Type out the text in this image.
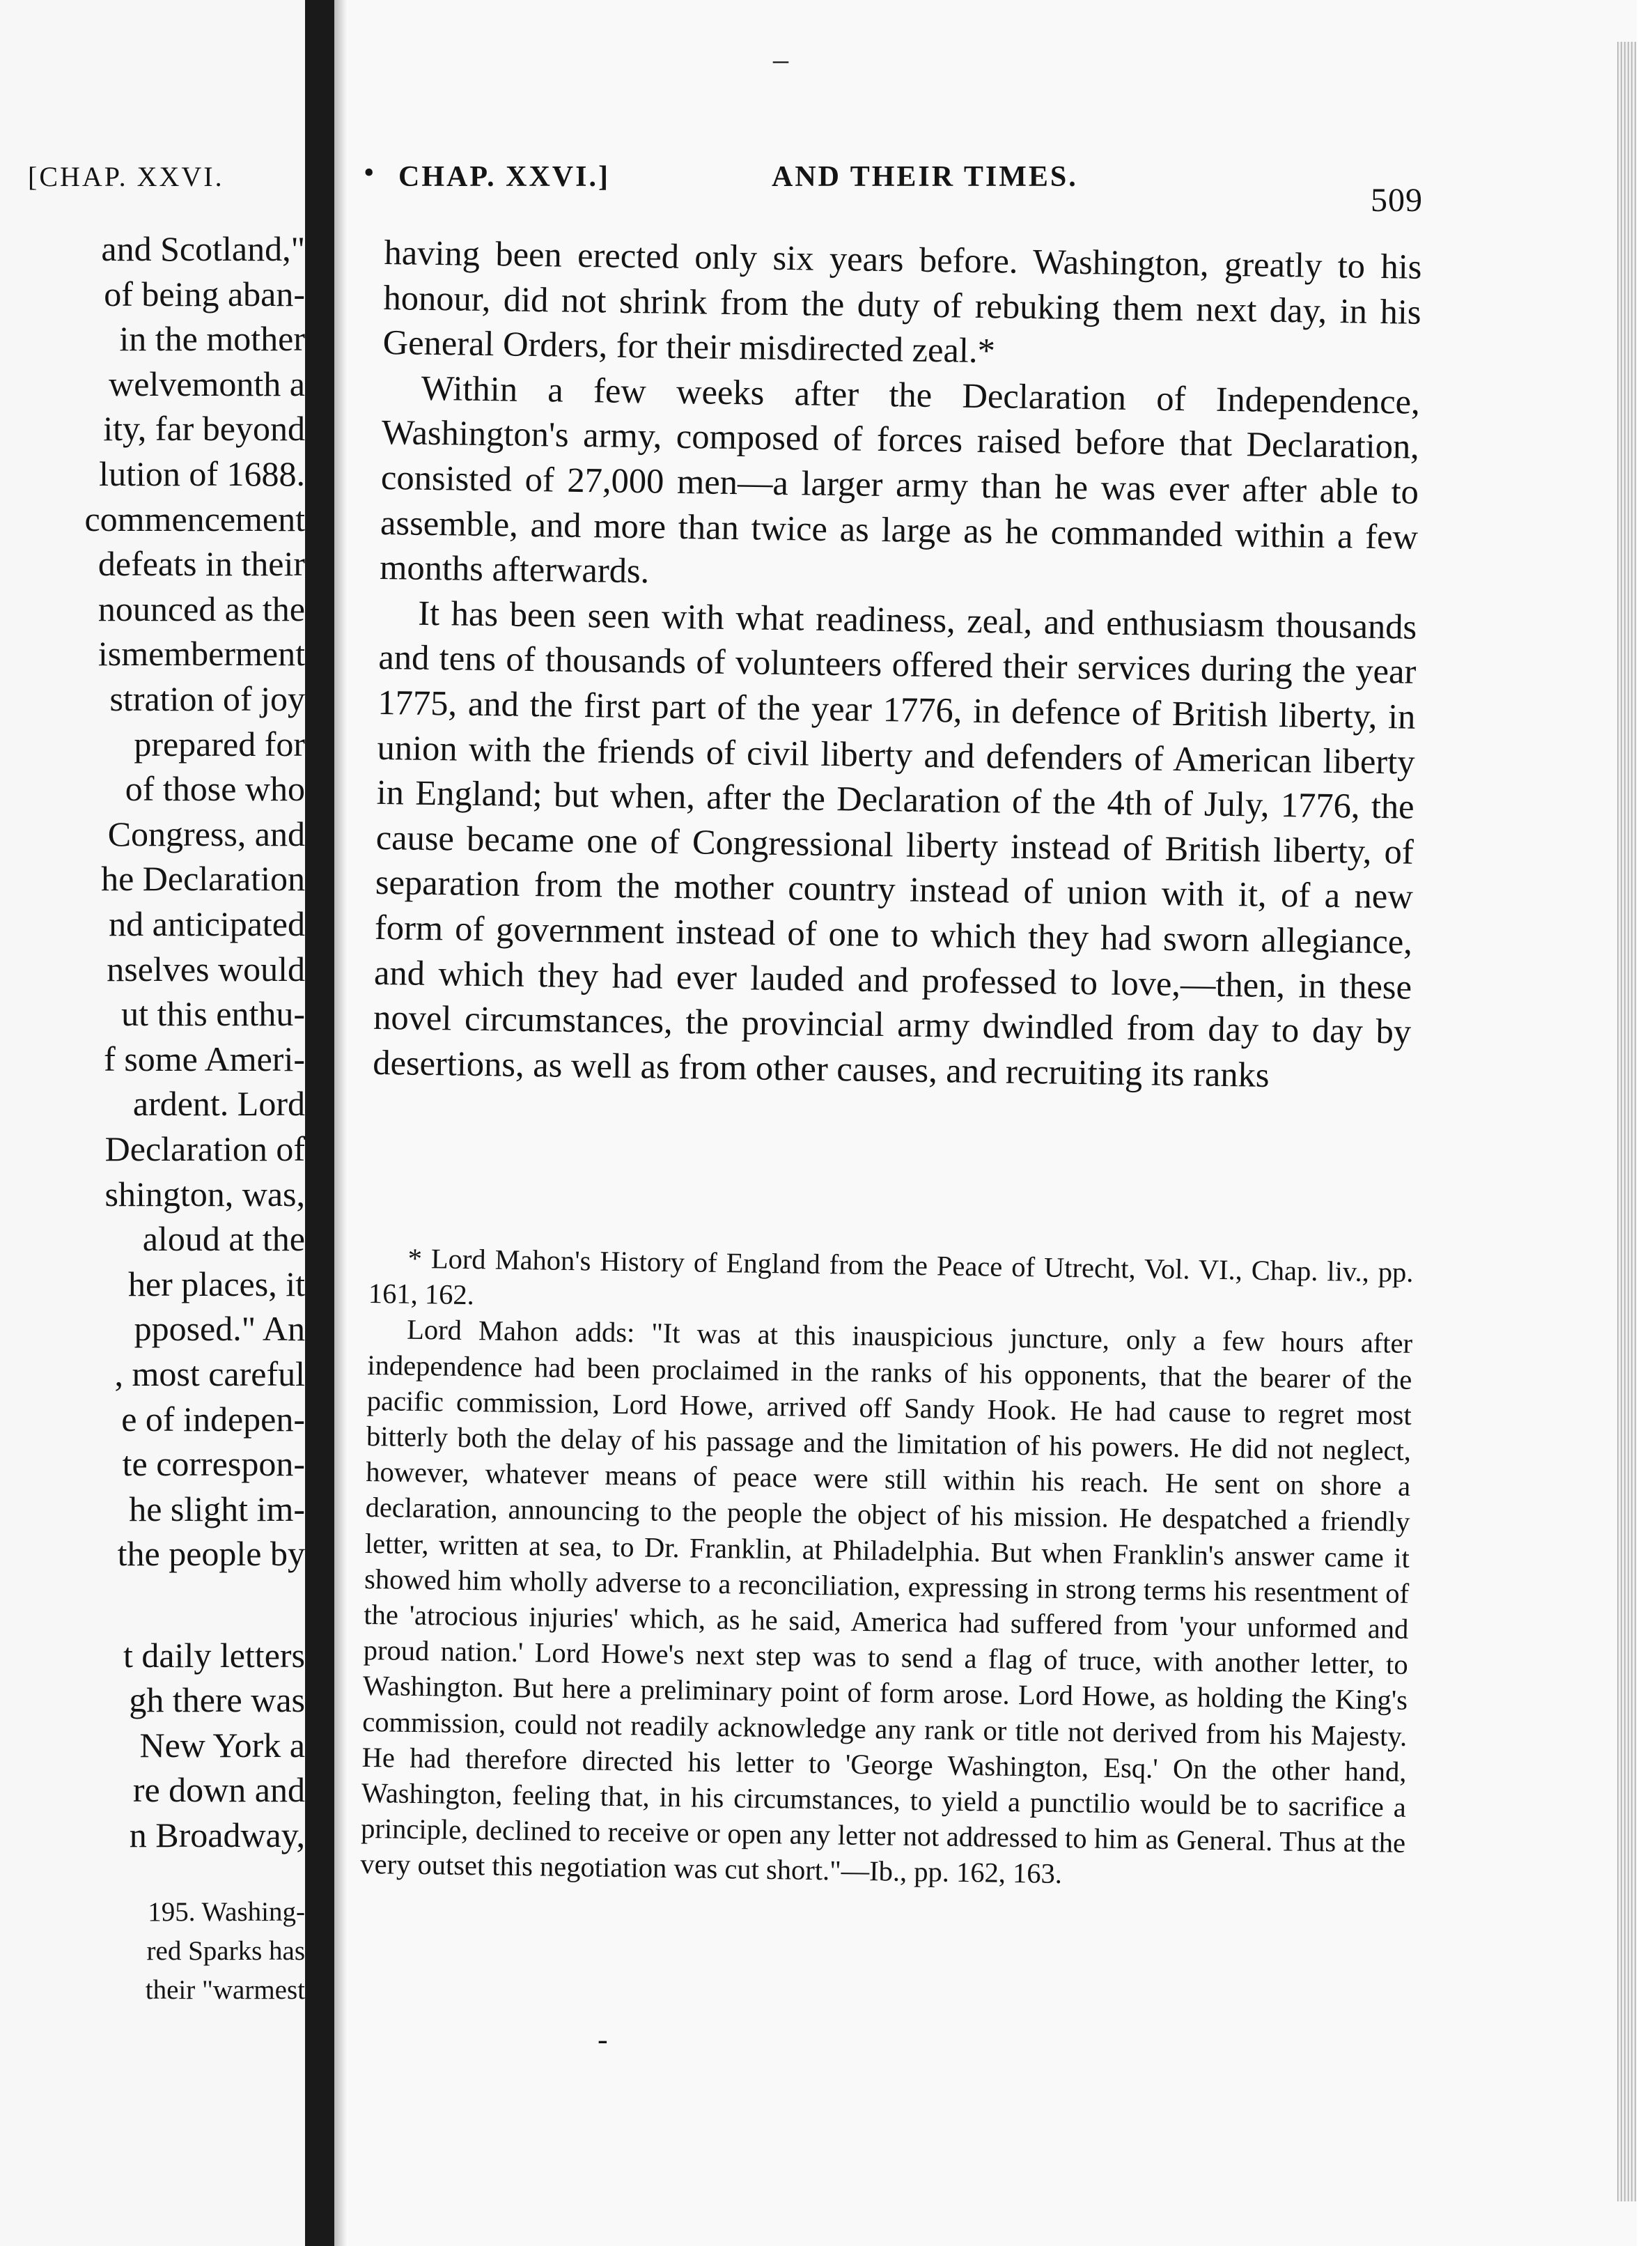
[CHAP. XXVI.
and Scotland,"
of being aban-
in the mother
welvemonth a
ity, far beyond
lution of 1688.
commencement
defeats in their
nounced as the
ismemberment
stration of joy
prepared for
of those who
Congress, and
he Declaration
nd anticipated
nselves would
ut this enthu-
f some Ameri-
ardent. Lord
Declaration of
shington, was,
aloud at the
her places, it
pposed." An
, most careful
e of indepen-
te correspon-
he slight im-
the people by
t daily letters
gh there was
New York a
re down and
n Broadway,
195. Washing-
red Sparks has
their "warmest
–
• CHAP. XXVI.]	AND THEIR TIMES.
509

having been erected only six years before. Washington, greatly to his honour, did not shrink from the duty of rebuking them next day, in his General Orders, for their misdirected zeal.*

Within a few weeks after the Declaration of Independence, Washington's army, composed of forces raised before that Declaration, consisted of 27,000 men—a larger army than he was ever after able to assemble, and more than twice as large as he commanded within a few months afterwards.

It has been seen with what readiness, zeal, and enthusiasm thousands and tens of thousands of volunteers offered their services during the year 1775, and the first part of the year 1776, in defence of British liberty, in union with the friends of civil liberty and defenders of American liberty in England; but when, after the Declaration of the 4th of July, 1776, the cause became one of Congressional liberty instead of British liberty, of separation from the mother country instead of union with it, of a new form of government instead of one to which they had sworn allegiance, and which they had ever lauded and professed to love,—then, in these novel circumstances, the provincial army dwindled from day to day by desertions, as well as from other causes, and recruiting its ranks

* Lord Mahon's History of England from the Peace of Utrecht, Vol. VI., Chap. liv., pp. 161, 162.

Lord Mahon adds: "It was at this inauspicious juncture, only a few hours after independence had been proclaimed in the ranks of his opponents, that the bearer of the pacific commission, Lord Howe, arrived off Sandy Hook. He had cause to regret most bitterly both the delay of his passage and the limitation of his powers. He did not neglect, however, whatever means of peace were still within his reach. He sent on shore a declaration, announcing to the people the object of his mission. He despatched a friendly letter, written at sea, to Dr. Franklin, at Philadelphia. But when Franklin's answer came it showed him wholly adverse to a reconciliation, expressing in strong terms his resentment of the 'atrocious injuries' which, as he said, America had suffered from 'your unformed and proud nation.' Lord Howe's next step was to send a flag of truce, with another letter, to Washington. But here a preliminary point of form arose. Lord Howe, as holding the King's commission, could not readily acknowledge any rank or title not derived from his Majesty. He had therefore directed his letter to 'George Washington, Esq.' On the other hand, Washington, feeling that, in his circumstances, to yield a punctilio would be to sacrifice a principle, declined to receive or open any letter not addressed to him as General. Thus at the very outset this negotiation was cut short."—Ib., pp. 162, 163.

-
